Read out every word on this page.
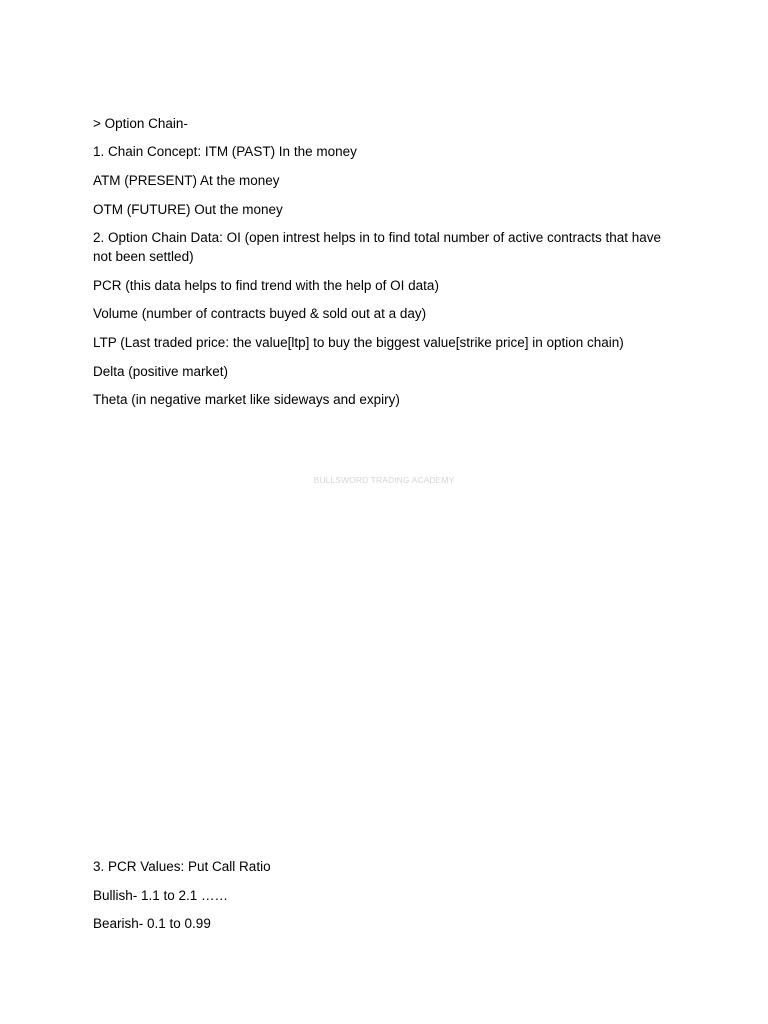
> Option Chain-

1. Chain Concept: ITM (PAST) In the money

ATM (PRESENT) At the money

OTM (FUTURE) Out the money

2. Option Chain Data: OI (open intrest helps in to find total number of active contracts that have not been settled)

PCR (this data helps to find trend with the help of OI data)

Volume (number of contracts buyed & sold out at a day)

LTP (Last traded price: the value[ltp] to buy the biggest value[strike price] in option chain)

Delta (positive market)

Theta (in negative market like sideways and expiry)

BULLSWORD TRADING ACADEMY

3. PCR Values: Put Call Ratio

Bullish- 1.1 to 2.1 ……

Bearish- 0.1 to 0.99
